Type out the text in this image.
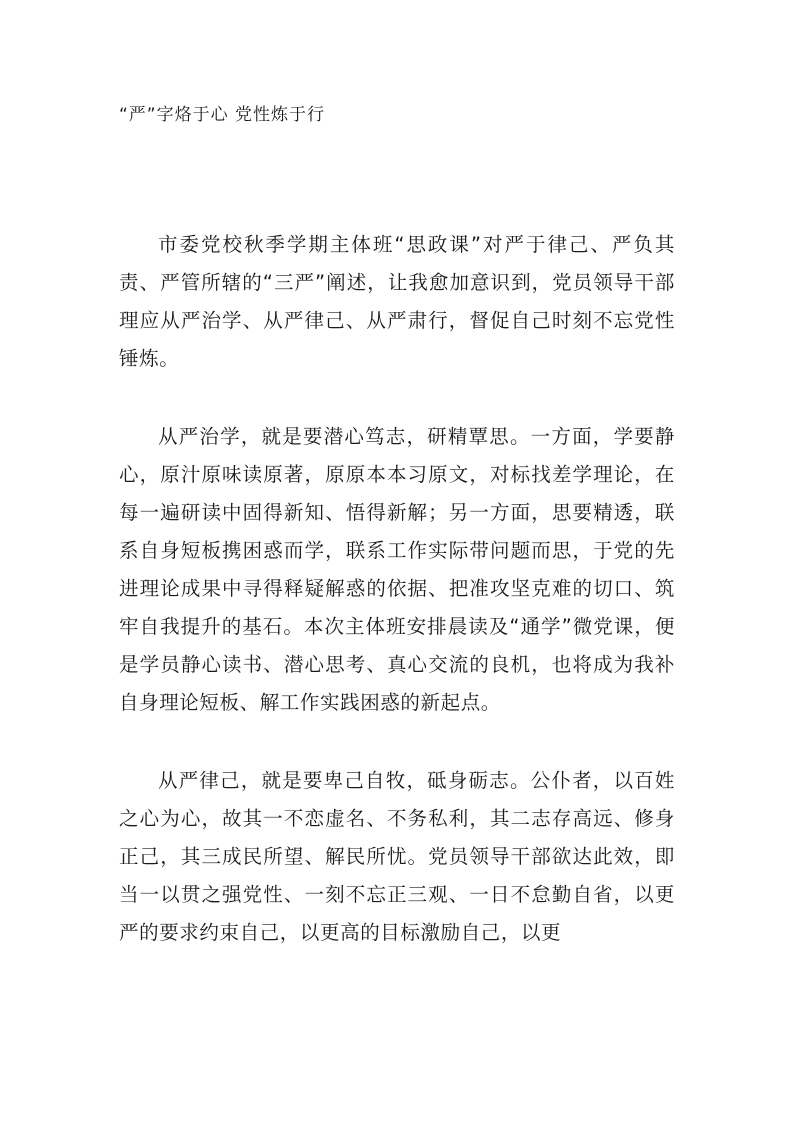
“严”字烙于心 党性炼于行

市委党校秋季学期主体班“思政课”对严于律己、严负其责、严管所辖的“三严”阐述，让我愈加意识到，党员领导干部理应从严治学、从严律己、从严肃行，督促自己时刻不忘党性锤炼。

从严治学，就是要潜心笃志，研精覃思。一方面，学要静心，原汁原味读原著，原原本本习原文，对标找差学理论，在每一遍研读中固得新知、悟得新解；另一方面，思要精透，联系自身短板携困惑而学，联系工作实际带问题而思，于党的先进理论成果中寻得释疑解惑的依据、把准攻坚克难的切口、筑牢自我提升的基石。本次主体班安排晨读及“通学”微党课，便是学员静心读书、潜心思考、真心交流的良机，也将成为我补自身理论短板、解工作实践困惑的新起点。

从严律己，就是要卑己自牧，砥身砺志。公仆者，以百姓之心为心，故其一不恋虚名、不务私利，其二志存高远、修身正己，其三成民所望、解民所忧。党员领导干部欲达此效，即当一以贯之强党性、一刻不忘正三观、一日不怠勤自省，以更严的要求约束自己，以更高的目标激励自己，以更
